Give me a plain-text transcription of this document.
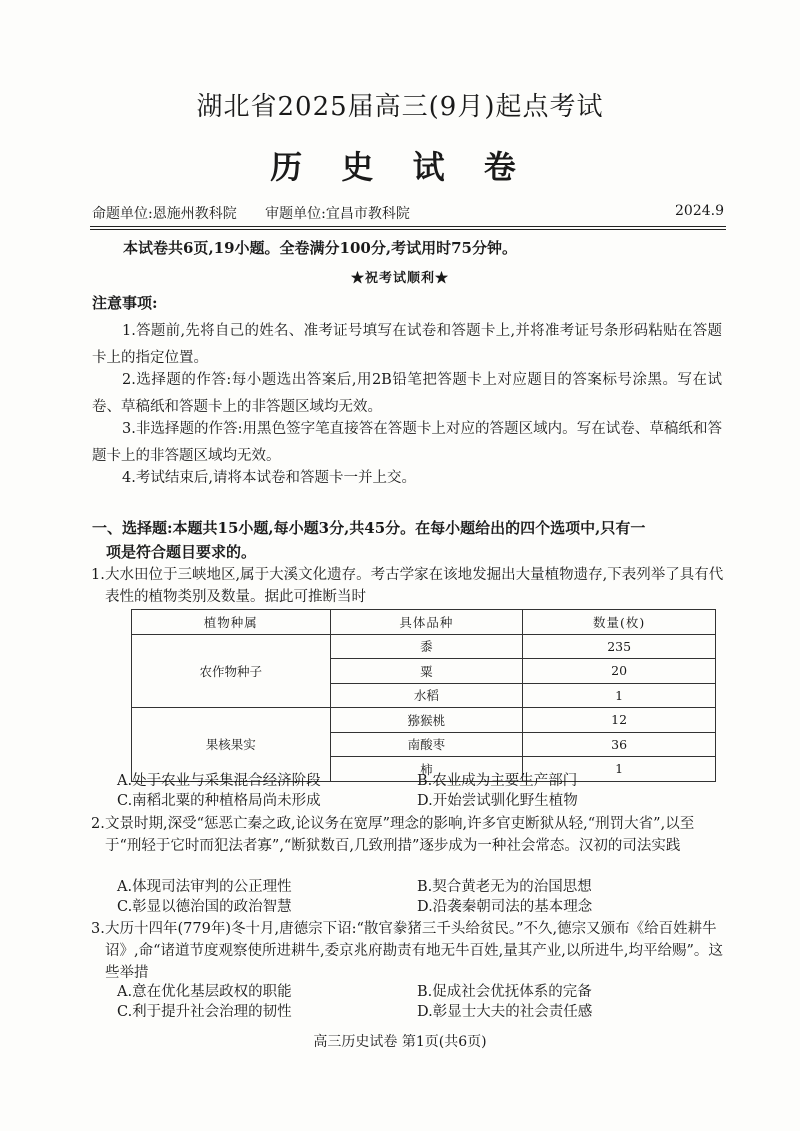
湖北省2025届高三(9月)起点考试
历 史 试 卷
命题单位:恩施州教科院 审题单位:宜昌市教科院	2024.9
本试卷共6页,19小题。全卷满分100分,考试用时75分钟。
★祝考试顺利★
注意事项:
1.答题前,先将自己的姓名、准考证号填写在试卷和答题卡上,并将准考证号条形码粘贴在答题卡上的指定位置。
2.选择题的作答:每小题选出答案后,用2B铅笔把答题卡上对应题目的答案标号涂黑。写在试卷、草稿纸和答题卡上的非答题区域均无效。
3.非选择题的作答:用黑色签字笔直接答在答题卡上对应的答题区域内。写在试卷、草稿纸和答题卡上的非答题区域均无效。
4.考试结束后,请将本试卷和答题卡一并上交。
一、选择题:本题共15小题,每小题3分,共45分。在每小题给出的四个选项中,只有一
项是符合题目要求的。
1. 大水田位于三峡地区,属于大溪文化遗存。考古学家在该地发掘出大量植物遗存,下表列举了具有代表性的植物类别及数量。据此可推断当时
植物种属	具体品种	数量(枚)
农作物种子	黍	235
	粟	20
	水稻	1
果核果实	猕猴桃	12
	南酸枣	36
	柿	1
A.处于农业与采集混合经济阶段	B.农业成为主要生产部门
C.南稻北粟的种植格局尚未形成	D.开始尝试驯化野生植物
2. 文景时期,深受“惩恶亡秦之政,论议务在宽厚”理念的影响,许多官吏断狱从轻,“刑罚大省”,以至于“刑轻于它时而犯法者寡”,“断狱数百,几致刑措”逐步成为一种社会常态。汉初的司法实践
A.体现司法审判的公正理性	B.契合黄老无为的治国思想
C.彰显以德治国的政治智慧	D.沿袭秦朝司法的基本理念
3. 大历十四年(779年)冬十月,唐德宗下诏:“散官豢猪三千头给贫民。”不久,德宗又颁布《给百姓耕牛诏》,命“诸道节度观察使所进耕牛,委京兆府勘责有地无牛百姓,量其产业,以所进牛,均平给赐”。这些举措
A.意在优化基层政权的职能	B.促成社会优抚体系的完备
C.利于提升社会治理的韧性	D.彰显士大夫的社会责任感
高三历史试卷 第1页(共6页)
